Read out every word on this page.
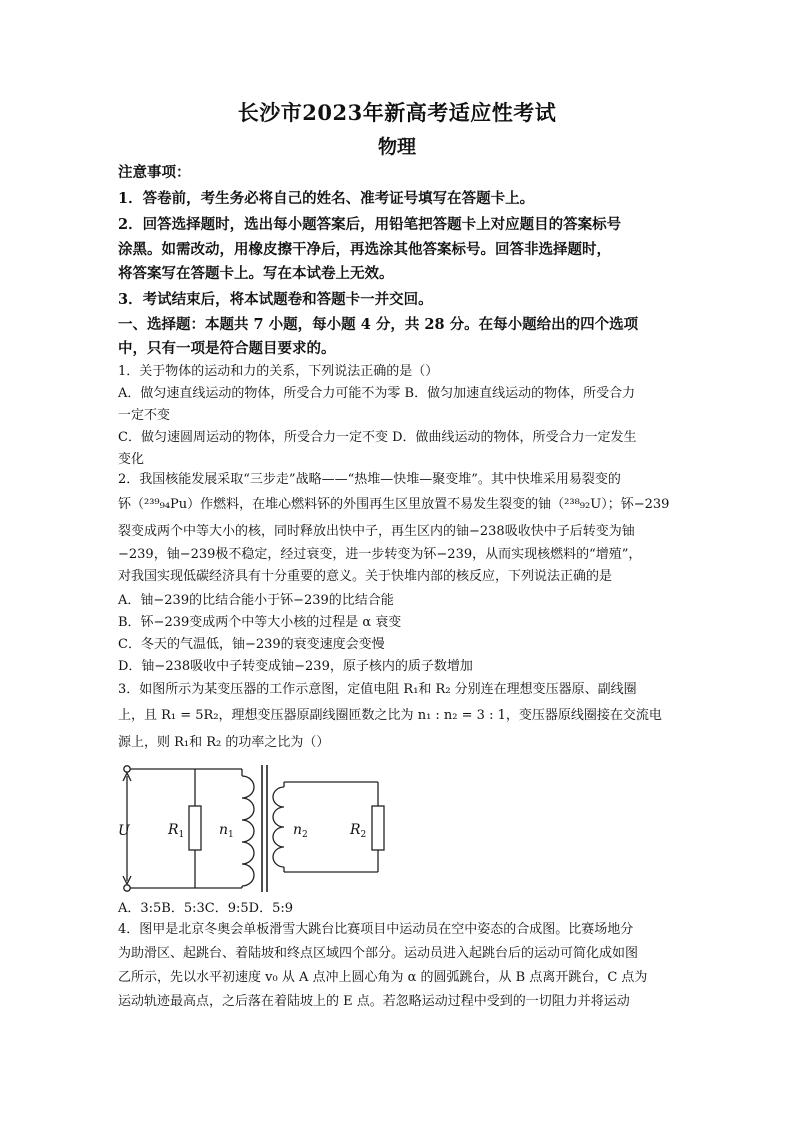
长沙市2023年新高考适应性考试
物理
注意事项：
1．答卷前，考生务必将自己的姓名、准考证号填写在答题卡上。
2．回答选择题时，选出每小题答案后，用铅笔把答题卡上对应题目的答案标号
涂黑。如需改动，用橡皮擦干净后，再选涂其他答案标号。回答非选择题时，
将答案写在答题卡上。写在本试卷上无效。
3．考试结束后，将本试题卷和答题卡一并交回。
一、选择题：本题共 7 小题，每小题 4 分，共 28 分。在每小题给出的四个选项
中，只有一项是符合题目要求的。
1．关于物体的运动和力的关系，下列说法正确的是（）
A．做匀速直线运动的物体，所受合力可能不为零 B．做匀加速直线运动的物体，所受合力
一定不变
C．做匀速圆周运动的物体，所受合力一定不变 D．做曲线运动的物体，所受合力一定发生
变化
2．我国核能发展采取“三步走”战略——“热堆—快堆—聚变堆”。其中快堆采用易裂变的
钚（²³⁹₉₄Pu）作燃料，在堆心燃料钚的外围再生区里放置不易发生裂变的铀（²³⁸₉₂U）；钚−239
裂变成两个中等大小的核，同时释放出快中子，再生区内的铀−238吸收快中子后转变为铀
−239，铀−239极不稳定，经过衰变，进一步转变为钚−239，从而实现核燃料的“增殖”，
对我国实现低碳经济具有十分重要的意义。关于快堆内部的核反应，下列说法正确的是
A．铀−239的比结合能小于钚−239的比结合能
B．钚−239变成两个中等大小核的过程是 α 衰变
C．冬天的气温低，铀−239的衰变速度会变慢
D．铀−238吸收中子转变成铀−239，原子核内的质子数增加
3．如图所示为某变压器的工作示意图，定值电阻 R₁和 R₂ 分别连在理想变压器原、副线圈
上，且 R₁ = 5R₂，理想变压器原副线圈匝数之比为 n₁ : n₂ = 3 : 1，变压器原线圈接在交流电
源上，则 R₁和 R₂ 的功率之比为（）
U	$R_1$ $n_1$	$n_2$	$R_2$
A．3:5B．5:3C．9:5D．5:9
4．图甲是北京冬奥会单板滑雪大跳台比赛项目中运动员在空中姿态的合成图。比赛场地分
为助滑区、起跳台、着陆坡和终点区域四个部分。运动员进入起跳台后的运动可简化成如图
乙所示，先以水平初速度 v₀ 从 A 点冲上圆心角为 α 的圆弧跳台，从 B 点离开跳台，C 点为
运动轨迹最高点，之后落在着陆坡上的 E 点。若忽略运动过程中受到的一切阻力并将运动
